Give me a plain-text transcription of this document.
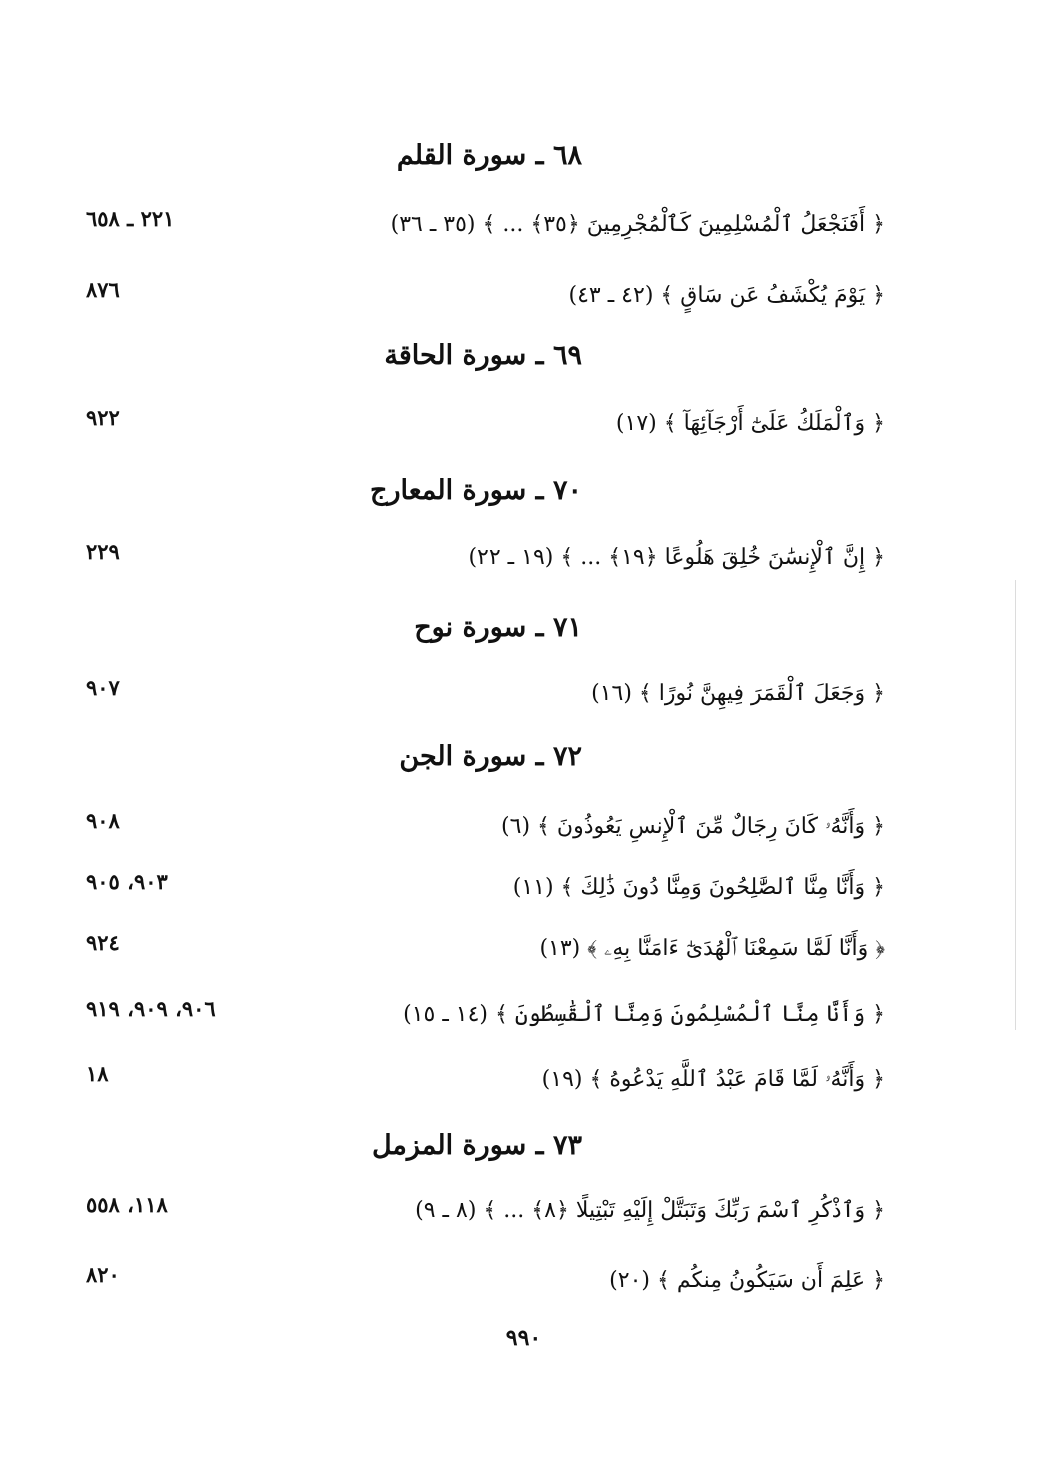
٦٨ ـ سورة القلم
﴿ أَفَنَجْعَلُ ٱلْمُسْلِمِينَ كَٱلْمُجْرِمِينَ ﴿٣٥﴾ ... ﴾ (٣٥ ـ ٣٦)
٢٢١ ـ ٦٥٨
﴿ يَوْمَ يُكْشَفُ عَن سَاقٍ ﴾ (٤٢ ـ ٤٣)
٨٧٦
٦٩ ـ سورة الحاقة
﴿ وَٱلْمَلَكُ عَلَىٰٓ أَرْجَآئِهَآ ﴾ (١٧)
٩٢٢
٧٠ ـ سورة المعارج
﴿ إِنَّ ٱلْإِنسَٰنَ خُلِقَ هَلُوعًا ﴿١٩﴾ ... ﴾ (١٩ ـ ٢٢)
٢٢٩
٧١ ـ سورة نوح
﴿ وَجَعَلَ ٱلْقَمَرَ فِيهِنَّ نُورًا ﴾ (١٦)
٩٠٧
٧٢ ـ سورة الجن
﴿ وَأَنَّهُۥ كَانَ رِجَالٌ مِّنَ ٱلْإِنسِ يَعُوذُونَ ﴾ (٦)
٩٠٨
﴿ وَأَنَّا مِنَّا ٱلصَّٰلِحُونَ وَمِنَّا دُونَ ذَٰلِكَ ﴾ (١١)
٩٠٣، ٩٠٥
﴿ وَأَنَّا لَمَّا سَمِعْنَا ٱلْهُدَىٰٓ ءَامَنَّا بِهِۦ ﴾ (١٣)
٩٢٤
﴿ وَأَنَّا مِنَّا ٱلْمُسْلِمُونَ وَمِنَّا ٱلْقَٰسِطُونَ ﴾ (١٤ ـ ١٥)
٩٠٦، ٩٠٩، ٩١٩
﴿ وَأَنَّهُۥ لَمَّا قَامَ عَبْدُ ٱللَّهِ يَدْعُوهُ ﴾ (١٩)
١٨
٧٣ ـ سورة المزمل
﴿ وَٱذْكُرِ ٱسْمَ رَبِّكَ وَتَبَتَّلْ إِلَيْهِ تَبْتِيلًا ﴿٨﴾ ... ﴾ (٨ ـ ٩)
١١٨، ٥٥٨
﴿ عَلِمَ أَن سَيَكُونُ مِنكُم ﴾ (٢٠)
٨٢٠
٩٩٠
